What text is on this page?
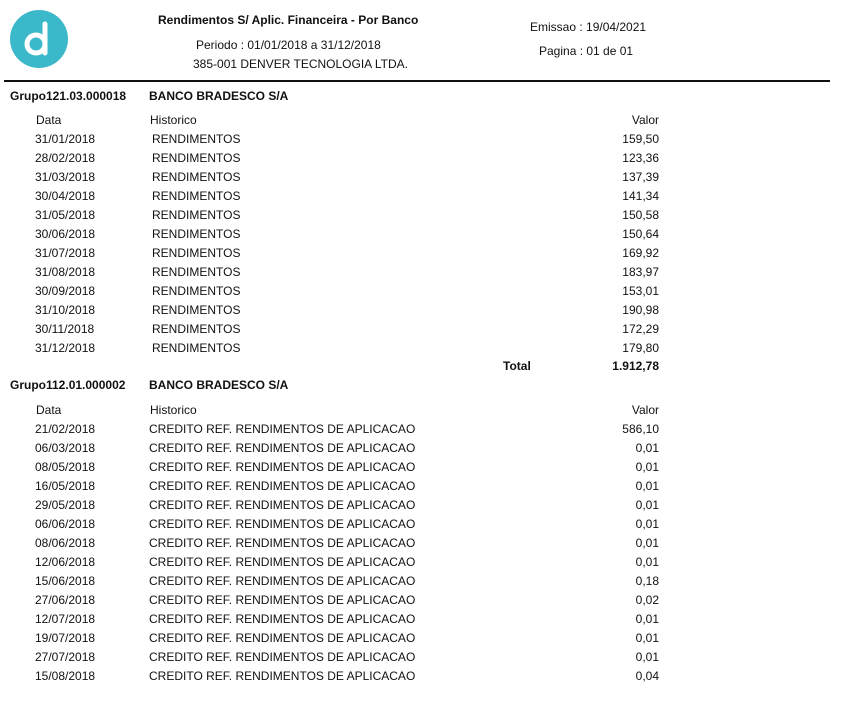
Rendimentos S/ Aplic. Financeira - Por Banco
Periodo : 01/01/2018 a 31/12/2018
385-001 DENVER TECNOLOGIA LTDA.
Emissao : 19/04/2021
Pagina : 01 de 01
Grupo121.03.000018 BANCO BRADESCO S/A
Data	Historico	Valor
31/01/2018	RENDIMENTOS	159,50
28/02/2018	RENDIMENTOS	123,36
31/03/2018	RENDIMENTOS	137,39
30/04/2018	RENDIMENTOS	141,34
31/05/2018	RENDIMENTOS	150,58
30/06/2018	RENDIMENTOS	150,64
31/07/2018	RENDIMENTOS	169,92
31/08/2018	RENDIMENTOS	183,97
30/09/2018	RENDIMENTOS	153,01
31/10/2018	RENDIMENTOS	190,98
30/11/2018	RENDIMENTOS	172,29
31/12/2018	RENDIMENTOS	179,80
Total	1.912,78
Grupo112.01.000002 BANCO BRADESCO S/A
Data	Historico	Valor
21/02/2018	CREDITO REF. RENDIMENTOS DE APLICACAO	586,10
06/03/2018	CREDITO REF. RENDIMENTOS DE APLICACAO	0,01
08/05/2018	CREDITO REF. RENDIMENTOS DE APLICACAO	0,01
16/05/2018	CREDITO REF. RENDIMENTOS DE APLICACAO	0,01
29/05/2018	CREDITO REF. RENDIMENTOS DE APLICACAO	0,01
06/06/2018	CREDITO REF. RENDIMENTOS DE APLICACAO	0,01
08/06/2018	CREDITO REF. RENDIMENTOS DE APLICACAO	0,01
12/06/2018	CREDITO REF. RENDIMENTOS DE APLICACAO	0,01
15/06/2018	CREDITO REF. RENDIMENTOS DE APLICACAO	0,18
27/06/2018	CREDITO REF. RENDIMENTOS DE APLICACAO	0,02
12/07/2018	CREDITO REF. RENDIMENTOS DE APLICACAO	0,01
19/07/2018	CREDITO REF. RENDIMENTOS DE APLICACAO	0,01
27/07/2018	CREDITO REF. RENDIMENTOS DE APLICACAO	0,01
15/08/2018	CREDITO REF. RENDIMENTOS DE APLICACAO	0,04
